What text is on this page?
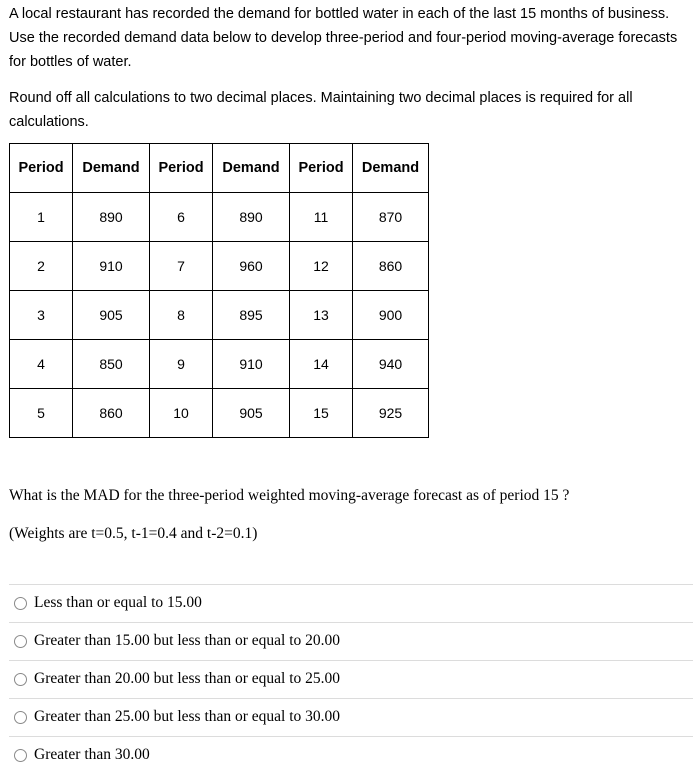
A local restaurant has recorded the demand for bottled water in each of the last 15 months of business. Use the recorded demand data below to develop three-period and four-period moving-average forecasts for bottles of water.

Round off all calculations to two decimal places. Maintaining two decimal places is required for all calculations.

Period	Demand	Period	Demand	Period	Demand
1	890	6	890	11	870
2	910	7	960	12	860
3	905	8	895	13	900
4	850	9	910	14	940
5	860	10	905	15	925

What is the MAD for the three-period weighted moving-average forecast as of period 15 ?

(Weights are t=0.5, t-1=0.4 and t-2=0.1)

Less than or equal to 15.00
Greater than 15.00 but less than or equal to 20.00
Greater than 20.00 but less than or equal to 25.00
Greater than 25.00 but less than or equal to 30.00
Greater than 30.00
